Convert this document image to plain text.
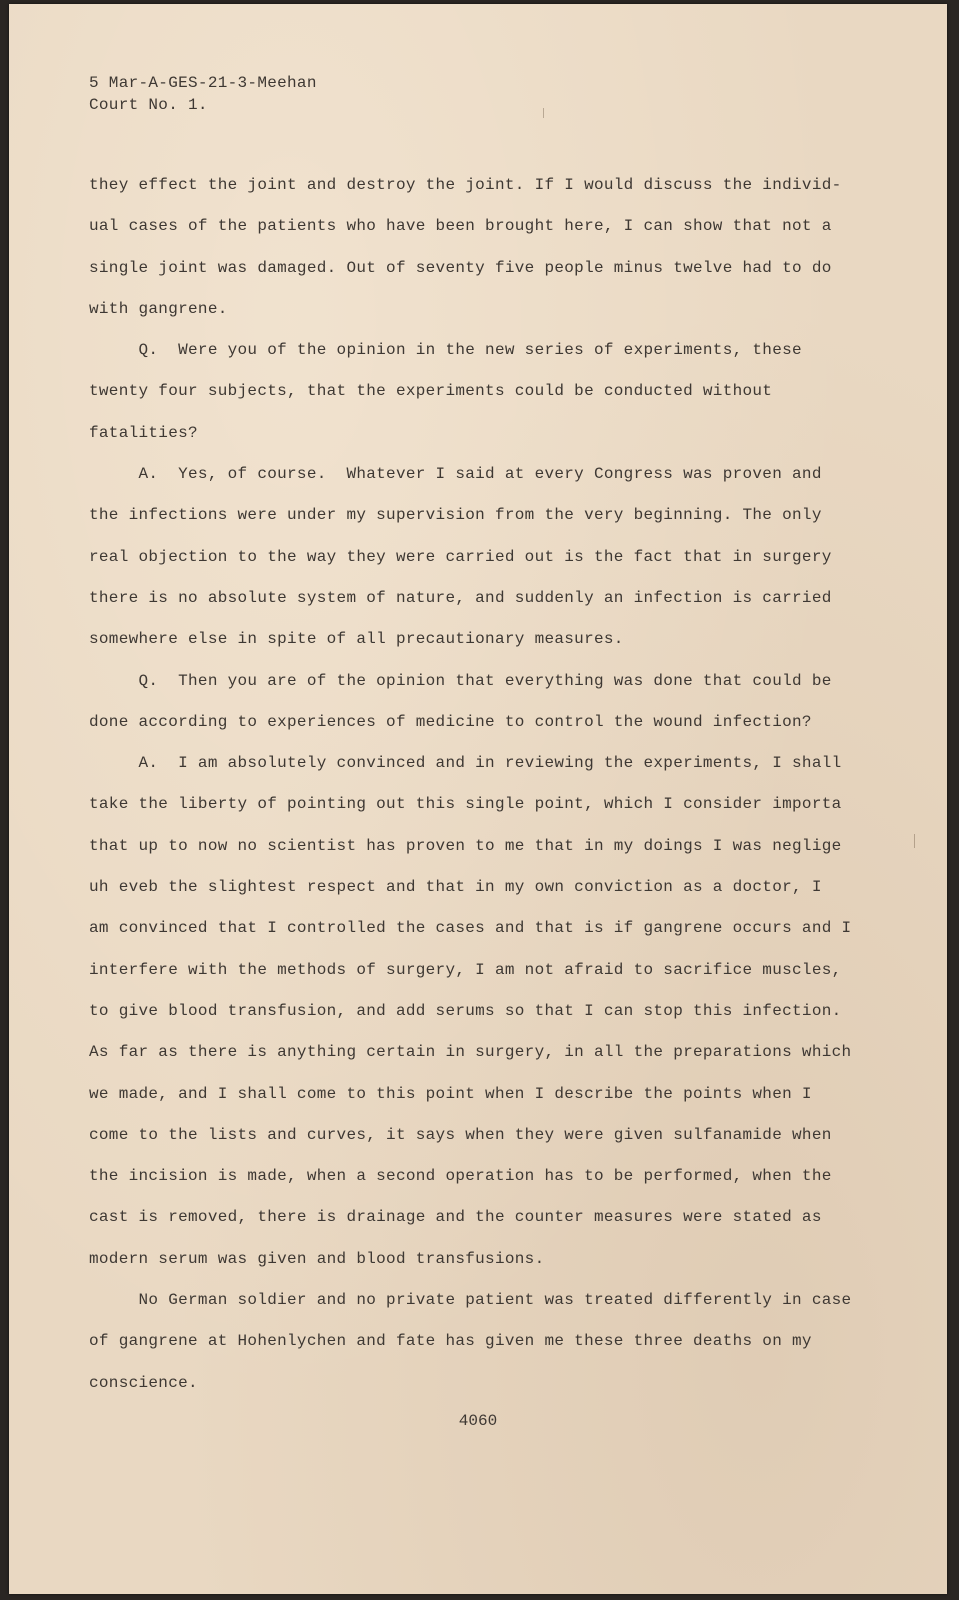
5 Mar-A-GES-21-3-Meehan

Court No. 1.

they effect the joint and destroy the joint. If I would discuss the individ-

ual cases of the patients who have been brought here, I can show that not a

single joint was damaged. Out of seventy five people minus twelve had to do

with gangrene.

Q.  Were you of the opinion in the new series of experiments, these

twenty four subjects, that the experiments could be conducted without

fatalities?

A.  Yes, of course.  Whatever I said at every Congress was proven and

the infections were under my supervision from the very beginning. The only

real objection to the way they were carried out is the fact that in surgery

there is no absolute system of nature, and suddenly an infection is carried

somewhere else in spite of all precautionary measures.

Q.  Then you are of the opinion that everything was done that could be

done according to experiences of medicine to control the wound infection?

A.  I am absolutely convinced and in reviewing the experiments, I shall

take the liberty of pointing out this single point, which I consider importa

that up to now no scientist has proven to me that in my doings I was neglige

uh eveb the slightest respect and that in my own conviction as a doctor, I

am convinced that I controlled the cases and that is if gangrene occurs and I

interfere with the methods of surgery, I am not afraid to sacrifice muscles,

to give blood transfusion, and add serums so that I can stop this infection.

As far as there is anything certain in surgery, in all the preparations which

we made, and I shall come to this point when I describe the points when I

come to the lists and curves, it says when they were given sulfanamide when

the incision is made, when a second operation has to be performed, when the

cast is removed, there is drainage and the counter measures were stated as

modern serum was given and blood transfusions.

No German soldier and no private patient was treated differently in case

of gangrene at Hohenlychen and fate has given me these three deaths on my

conscience.

4060
